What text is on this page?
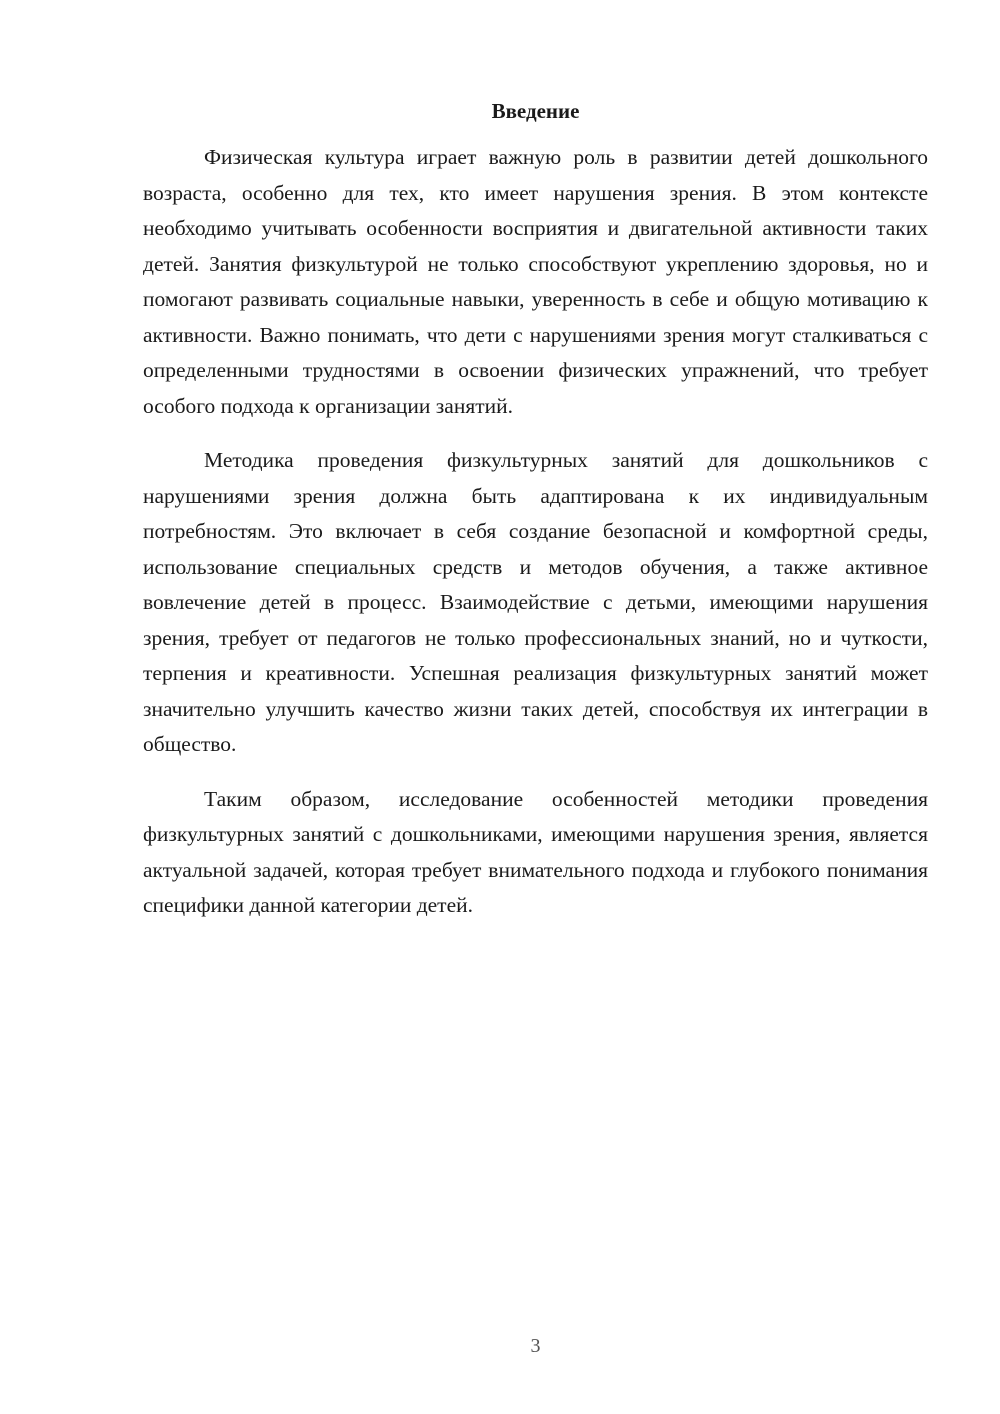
Введение

Физическая культура играет важную роль в развитии детей дошкольного возраста, особенно для тех, кто имеет нарушения зрения. В этом контексте необходимо учитывать особенности восприятия и двигательной активности таких детей. Занятия физкультурой не только способствуют укреплению здоровья, но и помогают развивать социальные навыки, уверенность в себе и общую мотивацию к активности. Важно понимать, что дети с нарушениями зрения могут сталкиваться с определенными трудностями в освоении физических упражнений, что требует особого подхода к организации занятий.

Методика проведения физкультурных занятий для дошкольников с нарушениями зрения должна быть адаптирована к их индивидуальным потребностям. Это включает в себя создание безопасной и комфортной среды, использование специальных средств и методов обучения, а также активное вовлечение детей в процесс. Взаимодействие с детьми, имеющими нарушения зрения, требует от педагогов не только профессиональных знаний, но и чуткости, терпения и креативности. Успешная реализация физкультурных занятий может значительно улучшить качество жизни таких детей, способствуя их интеграции в общество.

Таким образом, исследование особенностей методики проведения физкультурных занятий с дошкольниками, имеющими нарушения зрения, является актуальной задачей, которая требует внимательного подхода и глубокого понимания специфики данной категории детей.

3
